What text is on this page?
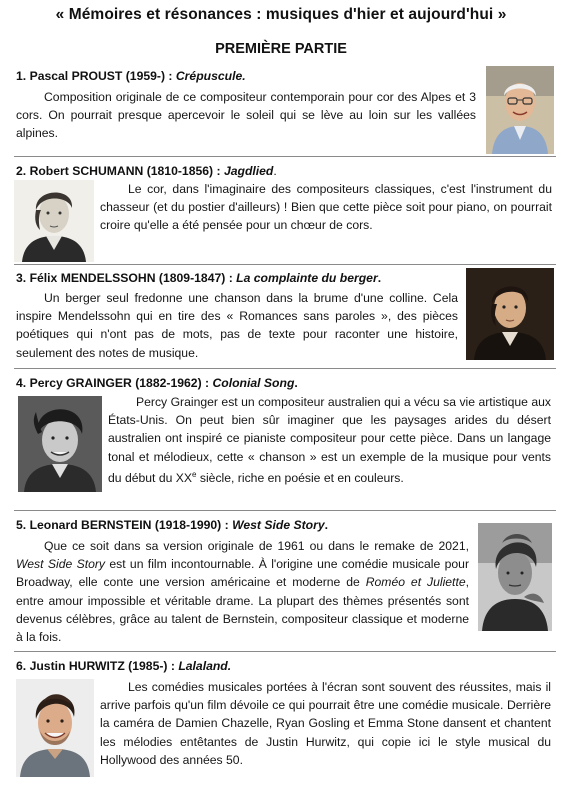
« Mémoires et résonances : musiques d'hier et aujourd'hui »
PREMIÈRE PARTIE
1. Pascal PROUST (1959-) : Crépuscule.
Composition originale de ce compositeur contemporain pour cor des Alpes et 3 cors. On pourrait presque apercevoir le soleil qui se lève au loin sur les vallées alpines.
2. Robert SCHUMANN (1810-1856) : Jagdlied.
Le cor, dans l'imaginaire des compositeurs classiques, c'est l'instrument du chasseur (et du postier d'ailleurs) ! Bien que cette pièce soit pour piano, on pourrait croire qu'elle a été pensée pour un chœur de cors.
3. Félix MENDELSSOHN (1809-1847) : La complainte du berger.
Un berger seul fredonne une chanson dans la brume d'une colline. Cela inspire Mendelssohn qui en tire des « Romances sans paroles », des pièces poétiques qui n'ont pas de mots, pas de texte pour raconter une histoire, seulement des notes de musique.
4. Percy GRAINGER (1882-1962) : Colonial Song.
Percy Grainger est un compositeur australien qui a vécu sa vie artistique aux États-Unis. On peut bien sûr imaginer que les paysages arides du désert australien ont inspiré ce pianiste compositeur pour cette pièce. Dans un langage tonal et mélodieux, cette « chanson » est un exemple de la musique pour vents du début du XXe siècle, riche en poésie et en couleurs.
5. Leonard BERNSTEIN (1918-1990) : West Side Story.
Que ce soit dans sa version originale de 1961 ou dans le remake de 2021, West Side Story est un film incontournable. À l'origine une comédie musicale pour Broadway, elle conte une version américaine et moderne de Roméo et Juliette, entre amour impossible et véritable drame. La plupart des thèmes présentés sont devenus célèbres, grâce au talent de Bernstein, compositeur classique et moderne à la fois.
6. Justin HURWITZ (1985-) : Lalaland.
Les comédies musicales portées à l'écran sont souvent des réussites, mais il arrive parfois qu'un film dévoile ce qui pourrait être une comédie musicale. Derrière la caméra de Damien Chazelle, Ryan Gosling et Emma Stone dansent et chantent les mélodies entêtantes de Justin Hurwitz, qui copie ici le style musical du Hollywood des années 50.
